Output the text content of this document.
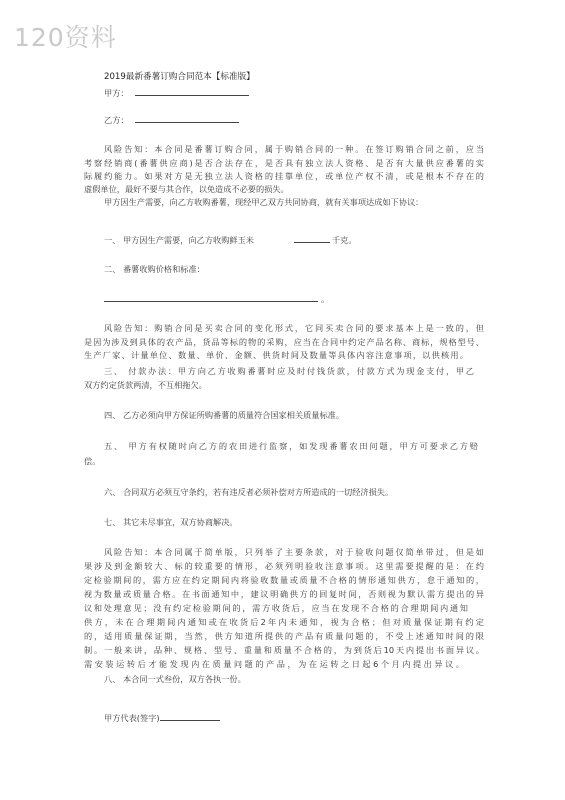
120资料
2019最新番薯订购合同范本【标准版】
甲方：
乙方：
风险告知：本合同是番薯订购合同，属于购销合同的一种。在签订购销合同之前，应当
考察经销商(番薯供应商)是否合法存在，是否具有独立法人资格、是否有大量供应番薯的实
际履约能力。如果对方是无独立法人资格的挂靠单位，或单位产权不清，或是根本不存在的
虚假单位，最好不要与其合作，以免造成不必要的损失。
甲方因生产需要，向乙方收购番薯，现经甲乙双方共同协商，就有关事项达成如下协议：
一、 甲方因生产需要，向乙方收购鲜玉米	千克。
二、 番薯收购价格和标准：
。
风险告知：购销合同是买卖合同的变化形式，它同买卖合同的要求基本上是一致的，但
是因为涉及到具体的农产品，货品等标的物的采购，应当在合同中约定产品名称、商标，规格型号、
生产厂家、计量单位、数量、单价、金额、供货时间及数量等具体内容注意事项，以供核用。
三、 付款办法：甲方向乙方收购番薯时应及时付钱货款，付款方式为现金支付，甲乙
双方约定货款两清，不互相拖欠。
四、 乙方必须向甲方保证所购番薯的质量符合国家相关质量标准。
五、 甲方有权随时向乙方的农田进行监察，如发现番薯农田问题，甲方可要求乙方赔
偿。
六、 合同双方必须互守条约，若有违反者必须补偿对方所造成的一切经济损失。
七、 其它未尽事宜，双方协商解决。
风险告知：本合同属于简单版，只列举了主要条款，对于验收问题仅简单带过，但是如
果涉及到金额较大、标的较重要的情形，必须列明验收注意事项。这里需要提醒的是：在约
定检验期间的，需方应在约定期间内将验收数量或质量不合格的情形通知供方，怠于通知的，
视为数量或质量合格。在书面通知中，建议明确供方的回复时间，否则视为默认需方提出的异
议和处理意见；没有约定检验期间的，需方收货后，应当在发现不合格的合理期间内通知
供方，未在合理期间内通知或在收货后2年内未通知，视为合格；但对质量保证期有约定
的，适用质量保证期，当然，供方知道所提供的产品有质量问题的，不受上述通知时间的限
制。一般来讲，品种、规格、型号、重量和质量不合格的，为到货后10天内提出书面异议。
需安装运转后才能发现内在质量问题的产品，为在运转之日起6个月内提出异议。
八、 本合同一式叁份，双方各执一份。
甲方代表(签字)
